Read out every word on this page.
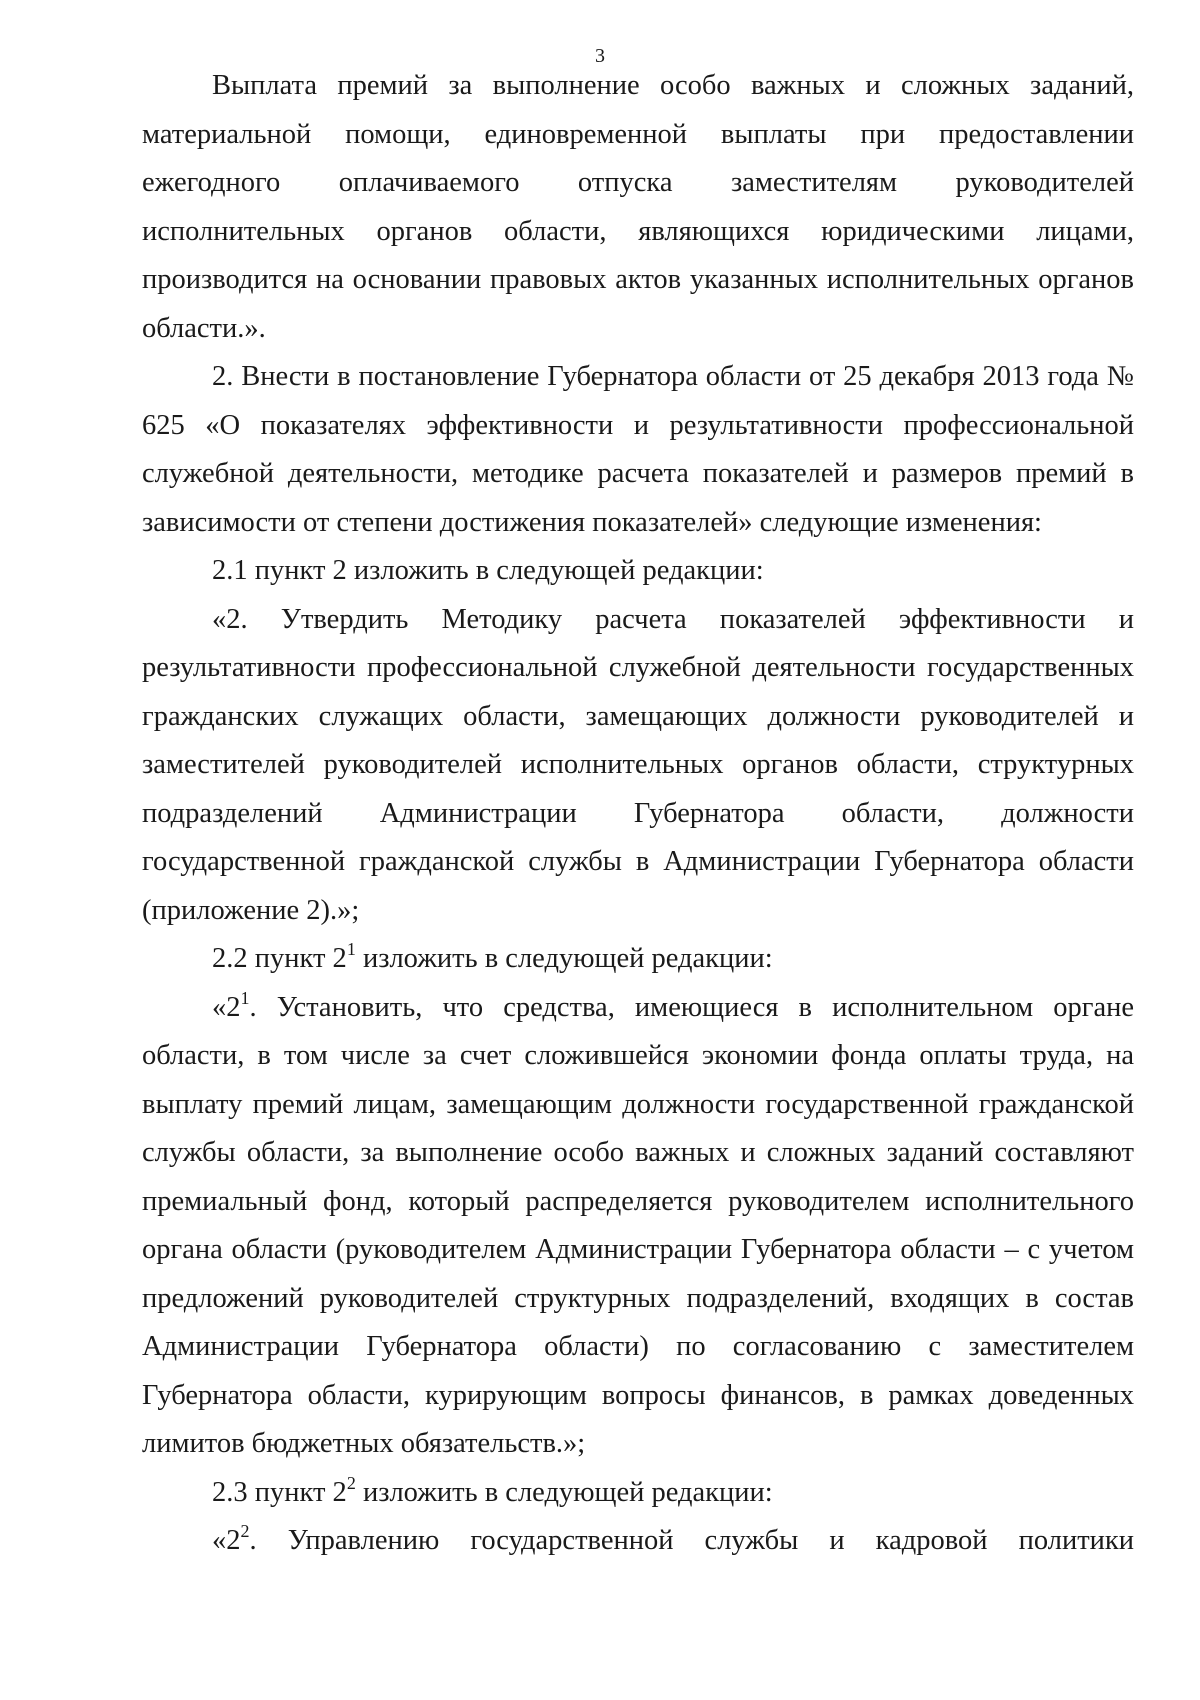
3

Выплата премий за выполнение особо важных и сложных заданий, материальной помощи, единовременной выплаты при предоставлении ежегодного оплачиваемого отпуска заместителям руководителей исполнительных органов области, являющихся юридическими лицами, производится на основании правовых актов указанных исполнительных органов области.».

2. Внести в постановление Губернатора области от 25 декабря 2013 года № 625 «О показателях эффективности и результативности профессиональной служебной деятельности, методике расчета показателей и размеров премий в зависимости от степени достижения показателей» следующие изменения:

2.1 пункт 2 изложить в следующей редакции:

«2. Утвердить Методику расчета показателей эффективности и результативности профессиональной служебной деятельности государственных гражданских служащих области, замещающих должности руководителей и заместителей руководителей исполнительных органов области, структурных подразделений Администрации Губернатора области, должности государственной гражданской службы в Администрации Губернатора области (приложение 2).»;

2.2 пункт $2^1$ изложить в следующей редакции:

«$2^1$. Установить, что средства, имеющиеся в исполнительном органе области, в том числе за счет сложившейся экономии фонда оплаты труда, на выплату премий лицам, замещающим должности государственной гражданской службы области, за выполнение особо важных и сложных заданий составляют премиальный фонд, который распределяется руководителем исполнительного органа области (руководителем Администрации Губернатора области – с учетом предложений руководителей структурных подразделений, входящих в состав Администрации Губернатора области) по согласованию с заместителем Губернатора области, курирующим вопросы финансов, в рамках доведенных лимитов бюджетных обязательств.»;

2.3 пункт $2^2$ изложить в следующей редакции:

«$2^2$. Управлению государственной службы и кадровой политики
